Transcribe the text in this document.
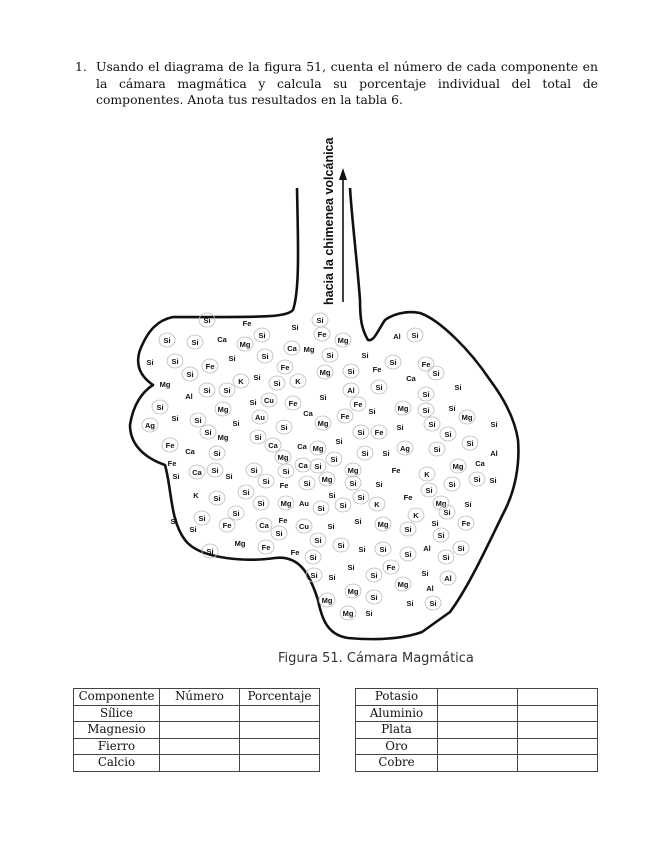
1. Usando el diagrama de la figura 51, cuenta el número de cada componente en la cámara magmática y calcula su porcentaje individual del total de componentes. Anota tus resultados en la tabla 6.
hacia la chimenea volcánica
Si	Fe
Si	Si Ca
Mg
Si
Si
Si
Fe
Si Si
Fe
Si	Si
Ca Mg
Fe
Mg
Mg
Si
K Si
Si K
Al
Si Si
Si Cu Fe
Si
Si	Mg
Si Si	Au	Ca
Mg
Ag	Si	Si
Si
Mg	Si
Fe
Ca Si
Ca	Ca Mg
Mg
Fe	Ca
Mg	Al Si
Si	Si
Si
Si Fe
Fe
Si
Ca
Al	Si	Si
Si
Fe
Si	Mg Si	Si
Fe	Mg
Si
Si Fe
Si	Si
Si
Si	Si
Si Si
Ag	Si	Al
Si
Mg Ca
Si
Si
Si Ca Si
Si
Si
Si Fe Si Mg
K Si
Si	Si
Si Mg Au
Si Si
Si	Si
Si
Si	Fe	Ca
Fe
Si
Cu Si
Si
Si
Mg
Si	Fe
Fe
Si
Si Si
Mg
Mg	Fe	K
Si	Si	Si
Si Si
Si
Si	Fe
Mg
Si
Si
K
K
Si Mg
Si
Si
Si
Fe
Si Si
Si
Al
Si
Si
Si
Si
Fe
Si
Al
Mg Al
Mg
Si
Si Si
Mg Si
Figura 51. Cámara Magmática
Componente	Número	Porcentaje
Sílice		
Magnesio		
Fierro		
Calcio		
Potasio		
Aluminio		
Plata		
Oro		
Cobre		
